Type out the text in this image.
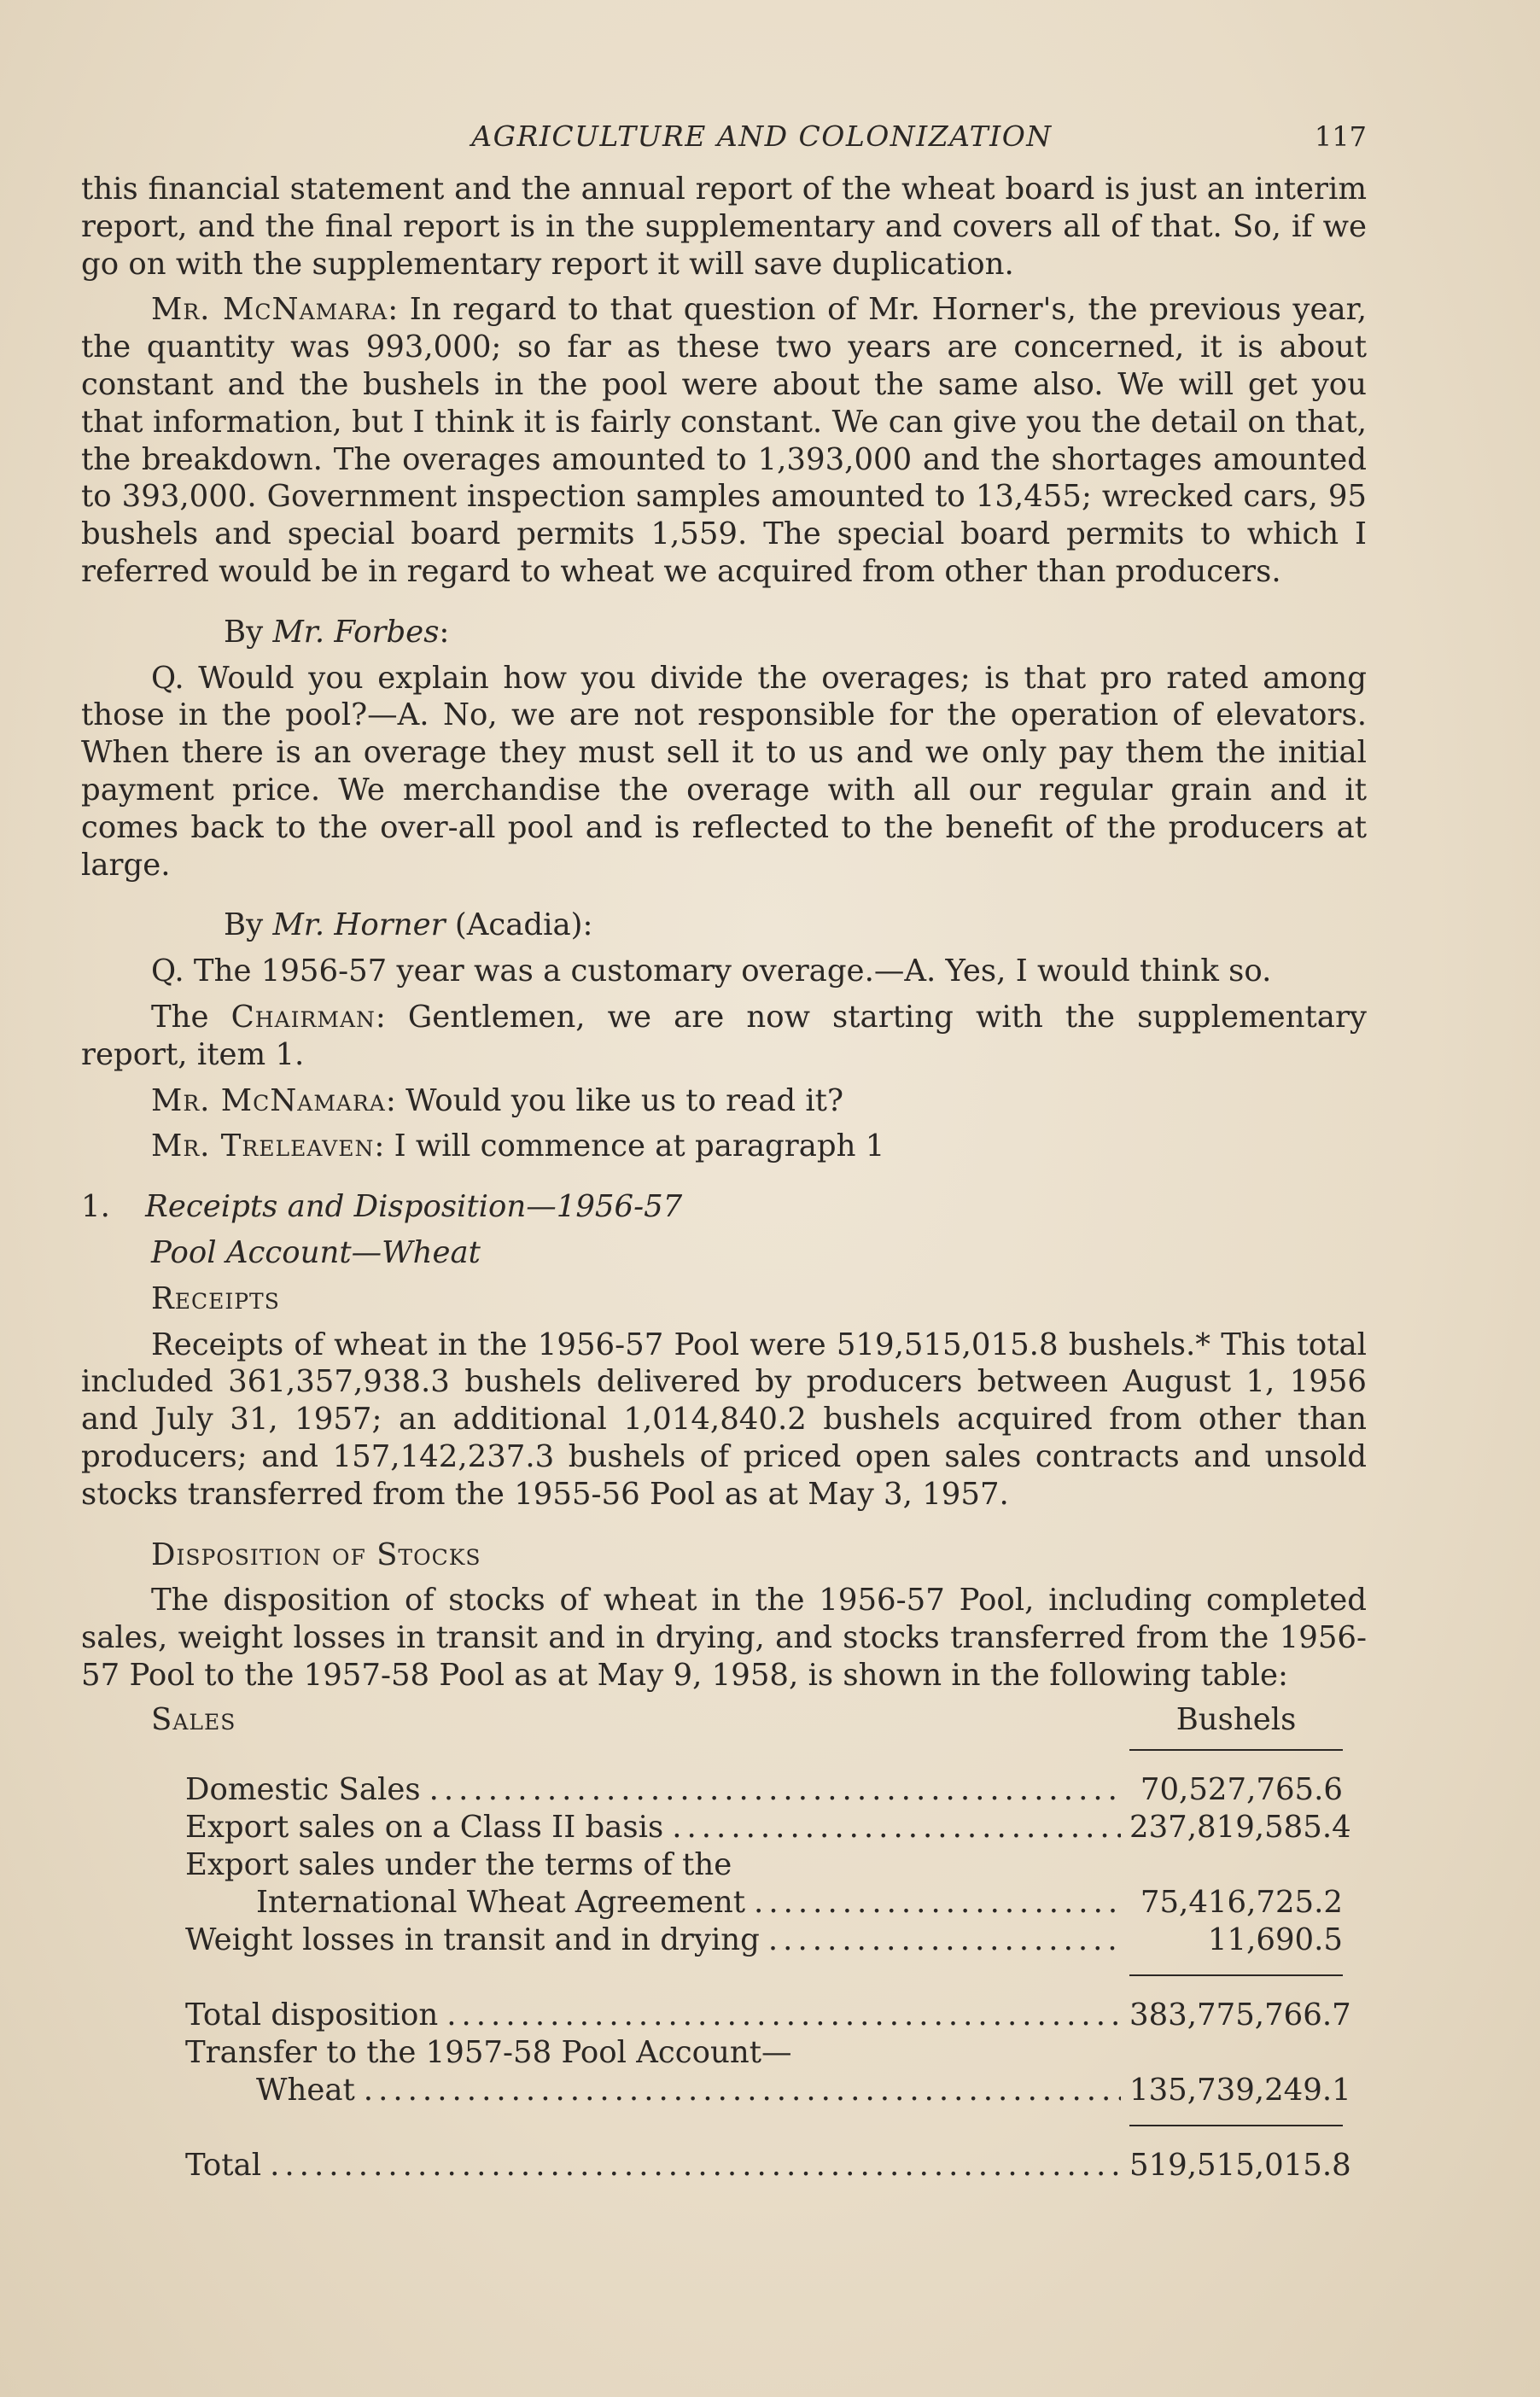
AGRICULTURE AND COLONIZATION	117

this financial statement and the annual report of the wheat board is just an interim report, and the final report is in the supplementary and covers all of that. So, if we go on with the supplementary report it will save duplication.

Mr. McNamara: In regard to that question of Mr. Horner's, the previous year, the quantity was 993,000; so far as these two years are concerned, it is about constant and the bushels in the pool were about the same also. We will get you that information, but I think it is fairly constant. We can give you the detail on that, the breakdown. The overages amounted to 1,393,000 and the shortages amounted to 393,000. Government inspection samples amounted to 13,455; wrecked cars, 95 bushels and special board permits 1,559. The special board permits to which I referred would be in regard to wheat we acquired from other than producers.

By Mr. Forbes:

Q. Would you explain how you divide the overages; is that pro rated among those in the pool?—A. No, we are not responsible for the operation of elevators. When there is an overage they must sell it to us and we only pay them the initial payment price. We merchandise the overage with all our regular grain and it comes back to the over-all pool and is reflected to the benefit of the producers at large.

By Mr. Horner (Acadia):

Q. The 1956-57 year was a customary overage.—A. Yes, I would think so.

The Chairman: Gentlemen, we are now starting with the supplementary report, item 1.

Mr. McNamara: Would you like us to read it?

Mr. Treleaven: I will commence at paragraph 1

1. Receipts and Disposition—1956-57
Pool Account—Wheat
Receipts

Receipts of wheat in the 1956-57 Pool were 519,515,015.8 bushels.* This total included 361,357,938.3 bushels delivered by producers between August 1, 1956 and July 31, 1957; an additional 1,014,840.2 bushels acquired from other than producers; and 157,142,237.3 bushels of priced open sales contracts and unsold stocks transferred from the 1955-56 Pool as at May 3, 1957.

Disposition of Stocks

The disposition of stocks of wheat in the 1956-57 Pool, including completed sales, weight losses in transit and in drying, and stocks transferred from the 1956-57 Pool to the 1957-58 Pool as at May 9, 1958, is shown in the following table:

Sales	Bushels
Domestic Sales .....	70,527,765.6
Export sales on a Class II basis .....	237,819,585.4
Export sales under the terms of the
International Wheat Agreement .....	75,416,725.2
Weight losses in transit and in drying .....	11,690.5
Total disposition .....	383,775,766.7
Transfer to the 1957-58 Pool Account—
Wheat .....	135,739,249.1
Total .....	519,515,015.8
